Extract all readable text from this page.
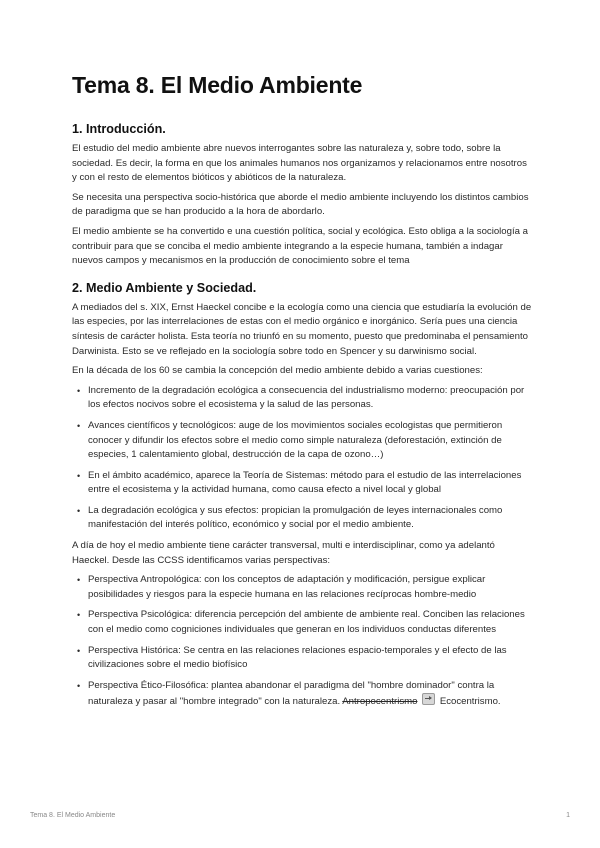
Tema 8. El Medio Ambiente
1. Introducción.

El estudio del medio ambiente abre nuevos interrogantes sobre las naturaleza y, sobre todo, sobre la sociedad. Es decir, la forma en que los animales humanos nos organizamos y relacionamos entre nosotros y con el resto de elementos bióticos y abióticos de la naturaleza.

Se necesita una perspectiva socio-histórica que aborde el medio ambiente incluyendo los distintos cambios de paradigma que se han producido a la hora de abordarlo.

El medio ambiente se ha convertido e una cuestión política, social y ecológica. Esto obliga a la sociología a contribuir para que se conciba el medio ambiente integrando a la especie humana, también a indagar nuevos campos y mecanismos en la producción de conocimiento sobre el tema

2. Medio Ambiente y Sociedad.

A mediados del s. XIX, Ernst Haeckel concibe e la ecología como una ciencia que estudiaría la evolución de las especies, por las interrelaciones de estas con el medio orgánico e inorgánico. Sería pues una ciencia síntesis de carácter holista. Esta teoría no triunfó en su momento, puesto que predominaba el pensamiento Darwinista. Esto se ve reflejado en la sociología sobre todo en Spencer y su darwinismo social.

En la década de los 60 se cambia la concepción del medio ambiente debido a varias cuestiones:

• Incremento de la degradación ecológica a consecuencia del industrialismo moderno: preocupación por los efectos nocivos sobre el ecosistema y la salud de las personas.
• Avances científicos y tecnológicos: auge de los movimientos sociales ecologistas que permitieron conocer y difundir los efectos sobre el medio como simple naturaleza (deforestación, extinción de especies, 1 calentamiento global, destrucción de la capa de ozono…)
• En el ámbito académico, aparece la Teoría de Sistemas: método para el estudio de las interrelaciones entre el ecosistema y la actividad humana, como causa efecto a nivel local y global
• La degradación ecológica y sus efectos: propician la promulgación de leyes internacionales como manifestación del interés político, económico y social por el medio ambiente.

A día de hoy el medio ambiente tiene carácter transversal, multi e interdisciplinar, como ya adelantó Haeckel. Desde las CCSS identificamos varias perspectivas:

• Perspectiva Antropológica: con los conceptos de adaptación y modificación, persigue explicar posibilidades y riesgos para la especie humana en las relaciones recíprocas hombre-medio
• Perspectiva Psicológica: diferencia percepción del ambiente de ambiente real. Conciben las relaciones con el medio como cogniciones individuales que generan en los individuos conductas diferentes
• Perspectiva Histórica: Se centra en las relaciones relaciones espacio-temporales y el efecto de las civilizaciones sobre el medio biofísico
• Perspectiva Ético-Filosófica: plantea abandonar el paradigma del "hombre dominador" contra la naturaleza y pasar al "hombre integrado" con la naturaleza. Antropocentrismo Ecocentrismo.
Tema 8. El Medio Ambiente	1
